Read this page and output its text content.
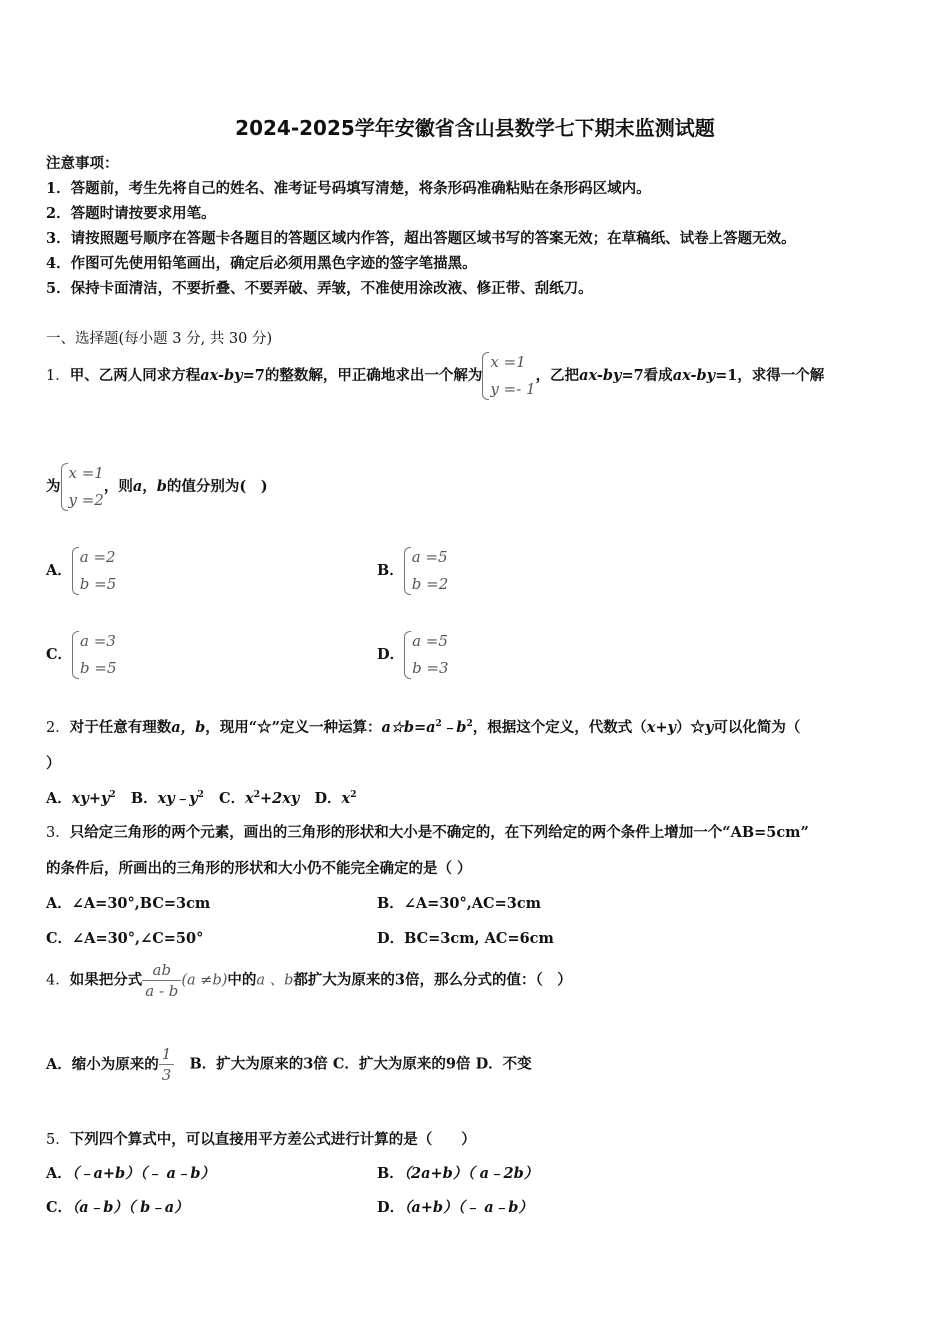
2024-2025学年安徽省含山县数学七下期末监测试题
注意事项：
1．答题前，考生先将自己的姓名、准考证号码填写清楚，将条形码准确粘贴在条形码区域内。
2．答题时请按要求用笔。
3．请按照题号顺序在答题卡各题目的答题区域内作答，超出答题区域书写的答案无效；在草稿纸、试卷上答题无效。
4．作图可先使用铅笔画出，确定后必须用黑色字迹的签字笔描黑。
5．保持卡面清洁，不要折叠、不要弄破、弄皱，不准使用涂改液、修正带、刮纸刀。
一、选择题(每小题 3 分, 共 30 分)
1．甲、乙两人同求方程ax-by=7的整数解，甲正确地求出一个解为
x =1
y =- 1
，乙把ax-by=7看成ax-by=1，求得一个解
为
x =1
y =2
，则a，b的值分别为(　)
A．
a =2
b =5
B．
a =5
b =2
C．
a =3
b =5
D．
a =5
b =3
2．对于任意有理数a，b，现用“☆”定义一种运算：$a☆b=a^2﹣b^2$，根据这个定义，代数式（x+y）☆y可以化简为（
）
A．$xy+y^2$ B．$xy﹣y^2$ C．$x^2+2xy$ D．$x^2$
3．只给定三角形的两个元素，画出的三角形的形状和大小是不确定的，在下列给定的两个条件上增加一个“AB=5cm”
的条件后，所画出的三角形的形状和大小仍不能完全确定的是（ ）
A．∠A=30°,BC=3cm	B．∠A=30°,AC=3cm
C．∠A=30°,∠C=50°	D．BC=3cm, AC=6cm
4．如果把分式 $\frac{ab}{a - b} (a \ne b)$中的a 、b都扩大为原来的3倍，那么分式的值：（　）
A．缩小为原来的 $\frac{1}{3}$ B．扩大为原来的3倍 C．扩大为原来的9倍 D．不变
5．下列四个算式中，可以直接用平方差公式进行计算的是（　　）
A．（﹣a+b）（﹣ a﹣b）	B．（2a+b）（ a﹣2b）
C．（a﹣b）（ b﹣a）	D．（a+b）（﹣ a﹣b）
